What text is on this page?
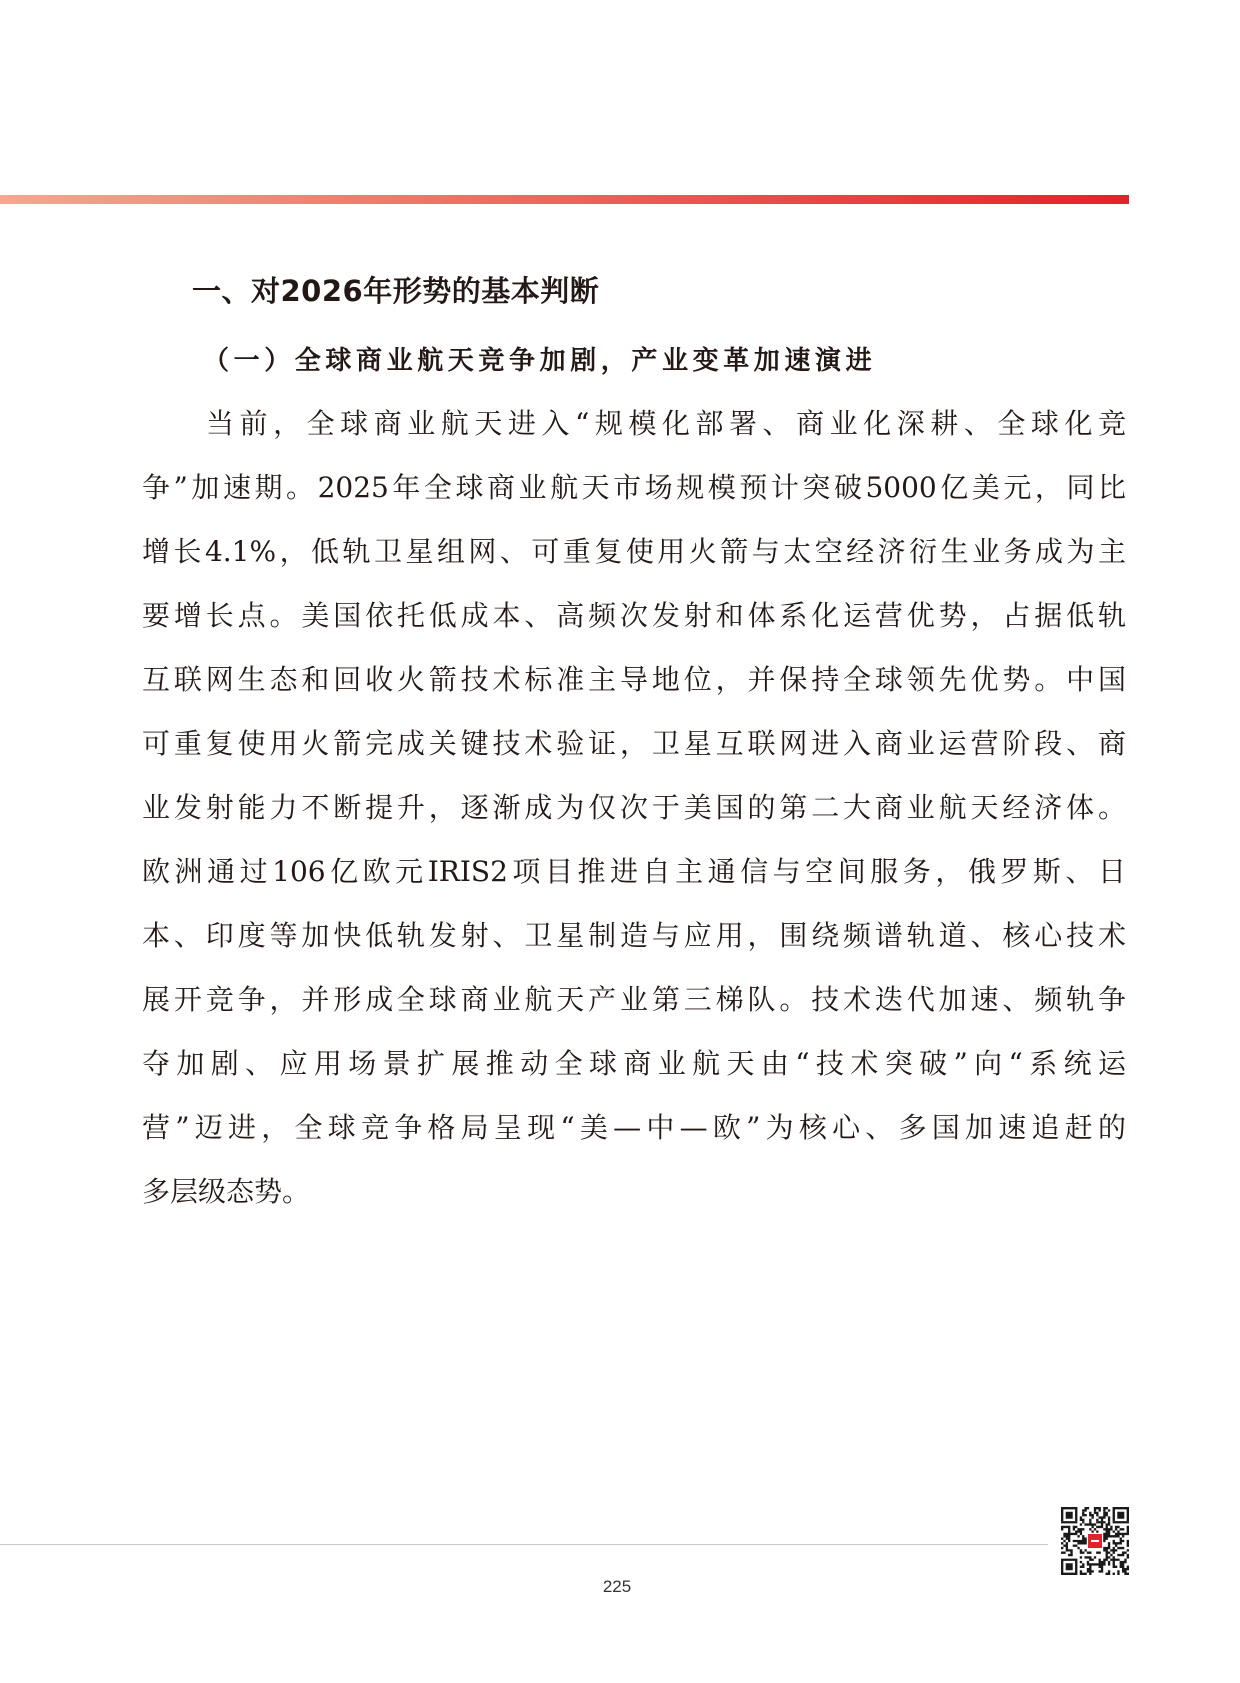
一、对2026年形势的基本判断
（一）全球商业航天竞争加剧，产业变革加速演进
当前，全球商业航天进入“规模化部署、商业化深耕、全球化竞
争”加速期。2025年全球商业航天市场规模预计突破5000亿美元，同比
增长4.1%，低轨卫星组网、可重复使用火箭与太空经济衍生业务成为主
要增长点。美国依托低成本、高频次发射和体系化运营优势，占据低轨
互联网生态和回收火箭技术标准主导地位，并保持全球领先优势。中国
可重复使用火箭完成关键技术验证，卫星互联网进入商业运营阶段、商
业发射能力不断提升，逐渐成为仅次于美国的第二大商业航天经济体。
欧洲通过106亿欧元IRIS2项目推进自主通信与空间服务，俄罗斯、日
本、印度等加快低轨发射、卫星制造与应用，围绕频谱轨道、核心技术
展开竞争，并形成全球商业航天产业第三梯队。技术迭代加速、频轨争
夺加剧、应用场景扩展推动全球商业航天由“技术突破”向“系统运
营”迈进，全球竞争格局呈现“美—中—欧”为核心、多国加速追赶的
多层级态势。
225
